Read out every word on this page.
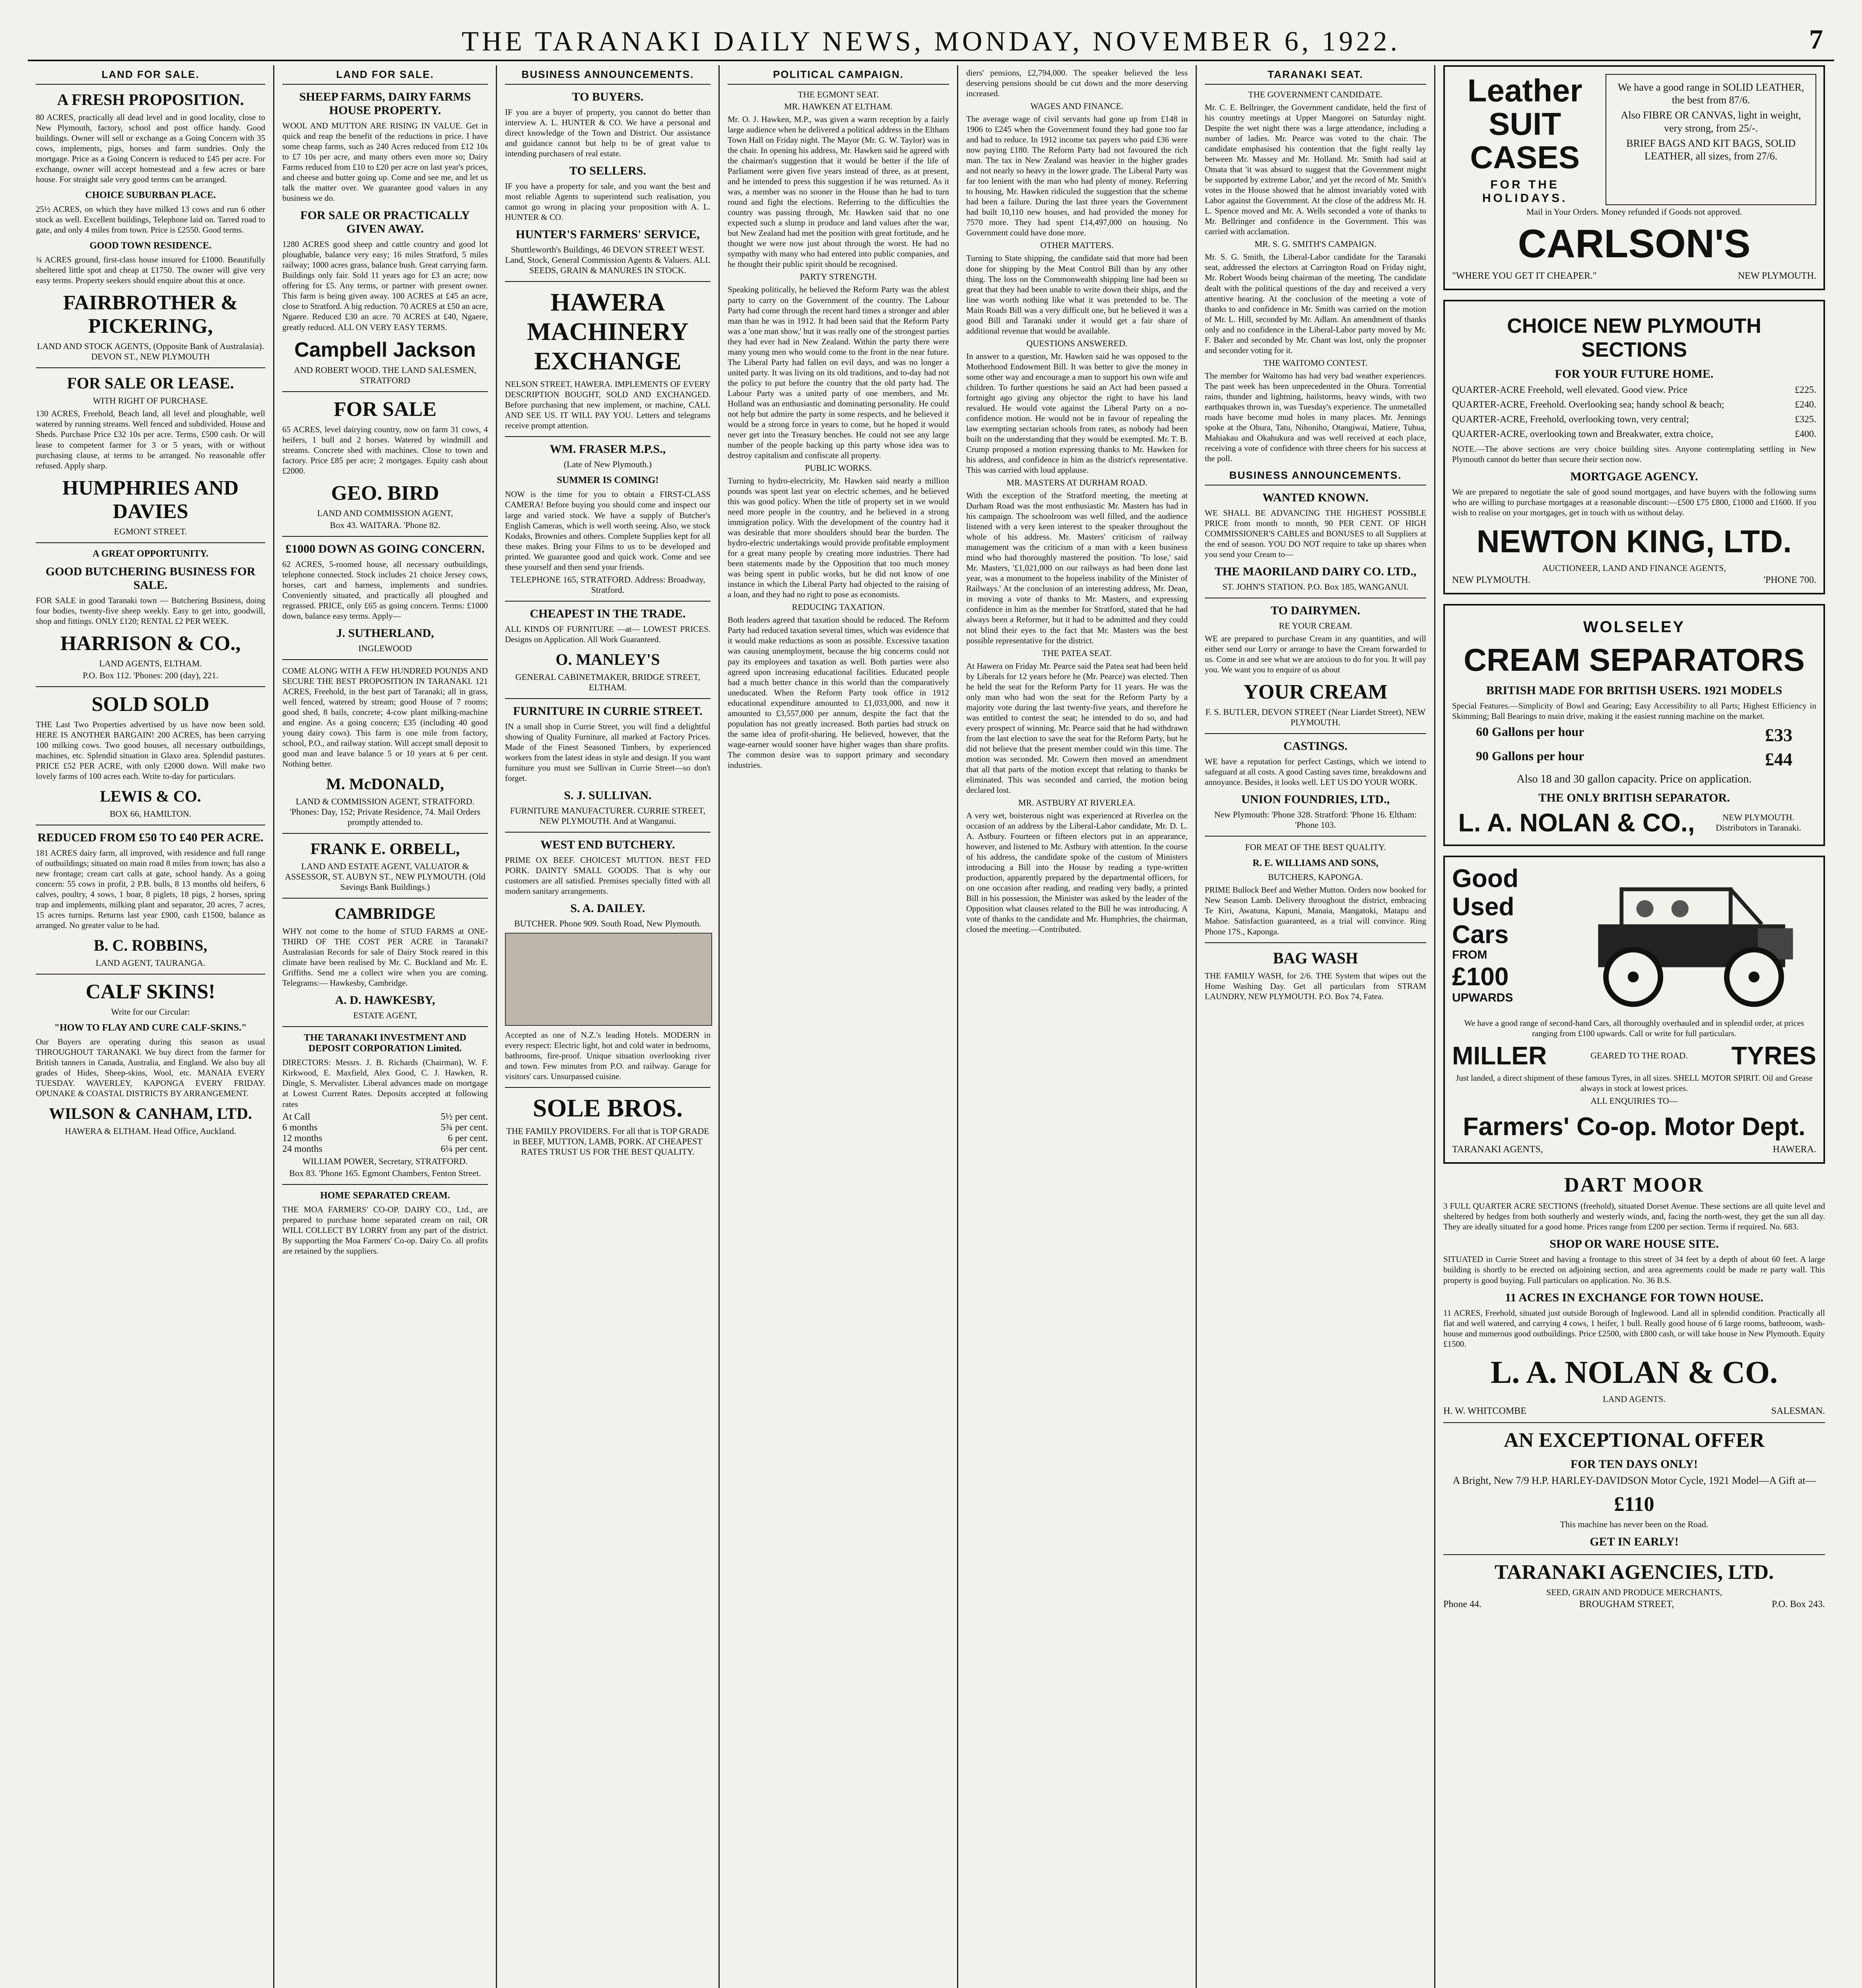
THE TARANAKI DAILY NEWS, MONDAY, NOVEMBER 6, 1922.	7
LAND FOR SALE.
A FRESH PROPOSITION.

80 ACRES, practically all dead level and in good locality, close to New Plymouth, factory, school and post office handy. Good buildings. Owner will sell or exchange as a Going Concern with 35 cows, implements, pigs, horses and farm sundries. Only the mortgage. Price as a Going Concern is reduced to £45 per acre. For exchange, owner will accept homestead and a few acres or bare house. For straight sale very good terms can be arranged.

CHOICE SUBURBAN PLACE.

25½ ACRES, on which they have milked 13 cows and run 6 other stock as well. Excellent buildings, Telephone laid on. Tarred road to gate, and only 4 miles from town. Price is £2550. Good terms.

GOOD TOWN RESIDENCE.

¾ ACRES ground, first-class house insured for £1000. Beautifully sheltered little spot and cheap at £1750. The owner will give very easy terms. Property seekers should enquire about this at once.

FAIRBROTHER & PICKERING,
LAND AND STOCK AGENTS, (Opposite Bank of Australasia). DEVON ST., NEW PLYMOUTH
FOR SALE OR LEASE.
WITH RIGHT OF PURCHASE.

130 ACRES, Freehold, Beach land, all level and ploughable, well watered by running streams. Well fenced and subdivided. House and Sheds. Purchase Price £32 10s per acre. Terms, £500 cash. Or will lease to competent farmer for 3 or 5 years, with or without purchasing clause, at terms to be arranged. No reasonable offer refused. Apply sharp.

HUMPHRIES AND DAVIES
EGMONT STREET.
A GREAT OPPORTUNITY.
GOOD BUTCHERING BUSINESS FOR SALE.

FOR SALE in good Taranaki town — Butchering Business, doing four bodies, twenty-five sheep weekly. Easy to get into, goodwill, shop and fittings. ONLY £120; RENTAL £2 PER WEEK.

HARRISON & CO.,
LAND AGENTS, ELTHAM.
P.O. Box 112. 'Phones: 200 (day), 221.
SOLD SOLD

THE Last Two Properties advertised by us have now been sold. HERE IS ANOTHER BARGAIN! 200 ACRES, has been carrying 100 milking cows. Two good houses, all necessary outbuildings, machines, etc. Splendid situation in Glaxo area. Splendid pastures. PRICE £52 PER ACRE, with only £2000 down. Will make two lovely farms of 100 acres each. Write to-day for particulars.

LEWIS & CO.
BOX 66, HAMILTON.
REDUCED FROM £50 TO £40 PER ACRE.

181 ACRES dairy farm, all improved, with residence and full range of outbuildings; situated on main road 8 miles from town; has also a new frontage; cream cart calls at gate, school handy. As a going concern: 55 cows in profit, 2 P.B. bulls, 8 13 months old heifers, 6 calves, poultry, 4 sows, 1 boar, 8 piglets, 18 pigs, 2 horses, spring trap and implements, milking plant and separator, 20 acres, 7 acres, 15 acres turnips. Returns last year £900, cash £1500, balance as arranged. No greater value to be had.

B. C. ROBBINS,
LAND AGENT, TAURANGA.
CALF SKINS!
Write for our Circular:
"HOW TO FLAY AND CURE CALF-SKINS."

Our Buyers are operating during this season as usual THROUGHOUT TARANAKI. We buy direct from the farmer for British tanners in Canada, Australia, and England. We also buy all grades of Hides, Sheep-skins, Wool, etc. MANAIA EVERY TUESDAY. WAVERLEY, KAPONGA EVERY FRIDAY. OPUNAKE & COASTAL DISTRICTS BY ARRANGEMENT.

WILSON & CANHAM, LTD.
HAWERA & ELTHAM. Head Office, Auckland.
LAND FOR SALE.
SHEEP FARMS, DAIRY FARMS HOUSE PROPERTY.

WOOL AND MUTTON ARE RISING IN VALUE. Get in quick and reap the benefit of the reductions in price. I have some cheap farms, such as 240 Acres reduced from £12 10s to £7 10s per acre, and many others even more so; Dairy Farms reduced from £10 to £20 per acre on last year's prices, and cheese and butter going up. Come and see me, and let us talk the matter over. We guarantee good values in any business we do.

FOR SALE OR PRACTICALLY GIVEN AWAY.

1280 ACRES good sheep and cattle country and good lot ploughable, balance very easy; 16 miles Stratford, 5 miles railway; 1000 acres grass, balance bush. Great carrying farm. Buildings only fair. Sold 11 years ago for £3 an acre; now offering for £5. Any terms, or partner with present owner. This farm is being given away. 100 ACRES at £45 an acre, close to Stratford. A big reduction. 70 ACRES at £50 an acre, Ngaere. Reduced £30 an acre. 70 ACRES at £40, Ngaere, greatly reduced. ALL ON VERY EASY TERMS.

Campbell Jackson
AND ROBERT WOOD. THE LAND SALESMEN, STRATFORD
FOR SALE

65 ACRES, level dairying country, now on farm 31 cows, 4 heifers, 1 bull and 2 horses. Watered by windmill and streams. Concrete shed with machines. Close to town and factory. Price £85 per acre; 2 mortgages. Equity cash about £2000.

GEO. BIRD
LAND AND COMMISSION AGENT,
Box 43. WAITARA. 'Phone 82.
£1000 DOWN AS GOING CONCERN.

62 ACRES, 5-roomed house, all necessary outbuildings, telephone connected. Stock includes 21 choice Jersey cows, horses, cart and harness, implements and sundries. Conveniently situated, and practically all ploughed and regrassed. PRICE, only £65 as going concern. Terms: £1000 down, balance easy terms. Apply—

J. SUTHERLAND,
INGLEWOOD

COME ALONG WITH A FEW HUNDRED POUNDS AND SECURE THE BEST PROPOSITION IN TARANAKI. 121 ACRES, Freehold, in the best part of Taranaki; all in grass, well fenced, watered by stream; good House of 7 rooms; good shed, 8 bails, concrete; 4-cow plant milking-machine and engine. As a going concern; £35 (including 40 good young dairy cows). This farm is one mile from factory, school, P.O., and railway station. Will accept small deposit to good man and leave balance 5 or 10 years at 6 per cent. Nothing better.

M. McDONALD,
LAND & COMMISSION AGENT, STRATFORD. 'Phones: Day, 152; Private Residence, 74. Mail Orders promptly attended to.
FRANK E. ORBELL,
LAND AND ESTATE AGENT, VALUATOR & ASSESSOR, ST. AUBYN ST., NEW PLYMOUTH. (Old Savings Bank Buildings.)
CAMBRIDGE

WHY not come to the home of STUD FARMS at ONE-THIRD OF THE COST PER ACRE in Taranaki? Australasian Records for sale of Dairy Stock reared in this climate have been realised by Mr. C. Buckland and Mr. E. Griffiths. Send me a collect wire when you are coming. Telegrams:— Hawkesby, Cambridge.

A. D. HAWKESBY,
ESTATE AGENT,
THE TARANAKI INVESTMENT AND DEPOSIT CORPORATION Limited.

DIRECTORS: Messrs. J. B. Richards (Chairman), W. F. Kirkwood, E. Maxfield, Alex Good, C. J. Hawken, R. Dingle, S. Mervalister. Liberal advances made on mortgage at Lowest Current Rates. Deposits accepted at following rates

At Call	5½ per cent.
6 months	5¾ per cent.
12 months	6 per cent.
24 months	6¼ per cent.
WILLIAM POWER, Secretary, STRATFORD.
Box 83. 'Phone 165. Egmont Chambers, Fenton Street.
HOME SEPARATED CREAM.

THE MOA FARMERS' CO-OP. DAIRY CO., Ltd., are prepared to purchase home separated cream on rail, OR WILL COLLECT BY LORRY from any part of the district. By supporting the Moa Farmers' Co-op. Dairy Co. all profits are retained by the suppliers.

BUSINESS ANNOUNCEMENTS.
TO BUYERS.

IF you are a buyer of property, you cannot do better than interview A. L. HUNTER & CO. We have a personal and direct knowledge of the Town and District. Our assistance and guidance cannot but help to be of great value to intending purchasers of real estate.

TO SELLERS.

IF you have a property for sale, and you want the best and most reliable Agents to superintend such realisation, you cannot go wrong in placing your proposition with A. L. HUNTER & CO.

HUNTER'S FARMERS' SERVICE,
Shuttleworth's Buildings, 46 DEVON STREET WEST. Land, Stock, General Commission Agents & Valuers. ALL SEEDS, GRAIN & MANURES IN STOCK.
HAWERA MACHINERY EXCHANGE

NELSON STREET, HAWERA. IMPLEMENTS OF EVERY DESCRIPTION BOUGHT, SOLD AND EXCHANGED. Before purchasing that new implement, or machine, CALL AND SEE US. IT WILL PAY YOU. Letters and telegrams receive prompt attention.

WM. FRASER M.P.S.,
(Late of New Plymouth.)
SUMMER IS COMING!

NOW is the time for you to obtain a FIRST-CLASS CAMERA! Before buying you should come and inspect our large and varied stock. We have a supply of Butcher's English Cameras, which is well worth seeing. Also, we stock Kodaks, Brownies and others. Complete Supplies kept for all these makes. Bring your Films to us to be developed and printed. We guarantee good and quick work. Come and see these yourself and then send your friends.

TELEPHONE 165, STRATFORD. Address: Broadway, Stratford.
CHEAPEST IN THE TRADE.

ALL KINDS OF FURNITURE —at— LOWEST PRICES. Designs on Application. All Work Guaranteed.

O. MANLEY'S
GENERAL CABINETMAKER, BRIDGE STREET, ELTHAM.
FURNITURE IN CURRIE STREET.

IN a small shop in Currie Street, you will find a delightful showing of Quality Furniture, all marked at Factory Prices. Made of the Finest Seasoned Timbers, by experienced workers from the latest ideas in style and design. If you want furniture you must see Sullivan in Currie Street—so don't forget.

S. J. SULLIVAN.
FURNITURE MANUFACTURER. CURRIE STREET, NEW PLYMOUTH. And at Wanganui.
WEST END BUTCHERY.

PRIME OX BEEF. CHOICEST MUTTON. BEST FED PORK. DAINTY SMALL GOODS. That is why our customers are all satisfied. Premises specially fitted with all modern sanitary arrangements.

S. A. DAILEY.
BUTCHER. Phone 909. South Road, New Plymouth.

Accepted as one of N.Z.'s leading Hotels. MODERN in every respect: Electric light, hot and cold water in bedrooms, bathrooms, fire-proof. Unique situation overlooking river and town. Few minutes from P.O. and railway. Garage for visitors' cars. Unsurpassed cuisine.

SOLE BROS.
THE FAMILY PROVIDERS. For all that is TOP GRADE in BEEF, MUTTON, LAMB, PORK. AT CHEAPEST RATES TRUST US FOR THE BEST QUALITY.
POLITICAL CAMPAIGN.
THE EGMONT SEAT.
MR. HAWKEN AT ELTHAM.

Mr. O. J. Hawken, M.P., was given a warm reception by a fairly large audience when he delivered a political address in the Eltham Town Hall on Friday night. The Mayor (Mr. G. W. Taylor) was in the chair. In opening his address, Mr. Hawken said he agreed with the chairman's suggestion that it would be better if the life of Parliament were given five years instead of three, as at present, and he intended to press this suggestion if he was returned. As it was, a member was no sooner in the House than he had to turn round and fight the elections. Referring to the difficulties the country was passing through, Mr. Hawken said that no one expected such a slump in produce and land values after the war, but New Zealand had met the position with great fortitude, and he thought we were now just about through the worst. He had no sympathy with many who had entered into public companies, and he thought their public spirit should be recognised.

PARTY STRENGTH.

Speaking politically, he believed the Reform Party was the ablest party to carry on the Government of the country. The Labour Party had come through the recent hard times a stronger and abler man than he was in 1912. It had been said that the Reform Party was a 'one man show,' but it was really one of the strongest parties they had ever had in New Zealand. Within the party there were many young men who would come to the front in the near future. The Liberal Party had fallen on evil days, and was no longer a united party. It was living on its old traditions, and to-day had not the policy to put before the country that the old party had. The Labour Party was a united party of one members, and Mr. Holland was an enthusiastic and dominating personality. He could not help but admire the party in some respects, and he believed it would be a strong force in years to come, but he hoped it would never get into the Treasury benches. He could not see any large number of the people backing up this party whose idea was to destroy capitalism and confiscate all property.

PUBLIC WORKS.

Turning to hydro-electricity, Mr. Hawken said nearly a million pounds was spent last year on electric schemes, and he believed this was good policy. When the title of property set in we would need more people in the country, and he believed in a strong immigration policy. With the development of the country had it was desirable that more shoulders should bear the burden. The hydro-electric undertakings would provide profitable employment for a great many people by creating more industries. There had been statements made by the Opposition that too much money was being spent in public works, but he did not know of one instance in which the Liberal Party had objected to the raising of a loan, and they had no right to pose as economists.

REDUCING TAXATION.

Both leaders agreed that taxation should be reduced. The Reform Party had reduced taxation several times, which was evidence that it would make reductions as soon as possible. Excessive taxation was causing unemployment, because the big concerns could not pay its employees and taxation as well. Both parties were also agreed upon increasing educational facilities. Educated people had a much better chance in this world than the comparatively uneducated. When the Reform Party took office in 1912 educational expenditure amounted to £1,033,000, and now it amounted to £3,557,000 per annum, despite the fact that the population has not greatly increased. Both parties had struck on the same idea of profit-sharing. He believed, however, that the wage-earner would sooner have higher wages than share profits. The common desire was to support primary and secondary industries.

diers' pensions, £2,794,000. The speaker believed the less deserving pensions should be cut down and the more deserving increased.

WAGES AND FINANCE.

The average wage of civil servants had gone up from £148 in 1906 to £245 when the Government found they had gone too far and had to reduce. In 1912 income tax payers who paid £36 were now paying £180. The Reform Party had not favoured the rich man. The tax in New Zealand was heavier in the higher grades and not nearly so heavy in the lower grade. The Liberal Party was far too lenient with the man who had plenty of money. Referring to housing, Mr. Hawken ridiculed the suggestion that the scheme had been a failure. During the last three years the Government had built 10,110 new houses, and had provided the money for 7570 more. They had spent £14,497,000 on housing. No Government could have done more.

OTHER MATTERS.

Turning to State shipping, the candidate said that more had been done for shipping by the Meat Control Bill than by any other thing. The loss on the Commonwealth shipping line had been so great that they had been unable to write down their ships, and the line was worth nothing like what it was pretended to be. The Main Roads Bill was a very difficult one, but he believed it was a good Bill and Taranaki under it would get a fair share of additional revenue that would be available.

QUESTIONS ANSWERED.

In answer to a question, Mr. Hawken said he was opposed to the Motherhood Endowment Bill. It was better to give the money in some other way and encourage a man to support his own wife and children. To further questions he said an Act had been passed a fortnight ago giving any objector the right to have his land revalued. He would vote against the Liberal Party on a no-confidence motion. He would not be in favour of repealing the law exempting sectarian schools from rates, as nobody had been built on the understanding that they would be exempted. Mr. T. B. Crump proposed a motion expressing thanks to Mr. Hawken for his address, and confidence in him as the district's representative. This was carried with loud applause.

MR. MASTERS AT DURHAM ROAD.

With the exception of the Stratford meeting, the meeting at Durham Road was the most enthusiastic Mr. Masters has had in his campaign. The schoolroom was well filled, and the audience listened with a very keen interest to the speaker throughout the whole of his address. Mr. Masters' criticism of railway management was the criticism of a man with a keen business mind who had thoroughly mastered the position. 'To lose,' said Mr. Masters, '£1,021,000 on our railways as had been done last year, was a monument to the hopeless inability of the Minister of Railways.' At the conclusion of an interesting address, Mr. Dean, in moving a vote of thanks to Mr. Masters, and expressing confidence in him as the member for Stratford, stated that he had always been a Reformer, but it had to be admitted and they could not blind their eyes to the fact that Mr. Masters was the best possible representative for the district.

THE PATEA SEAT.

At Hawera on Friday Mr. Pearce said the Patea seat had been held by Liberals for 12 years before he (Mr. Pearce) was elected. Then he held the seat for the Reform Party for 11 years. He was the only man who had won the seat for the Reform Party by a majority vote during the last twenty-five years, and therefore he was entitled to contest the seat; he intended to do so, and had every prospect of winning. Mr. Pearce said that he had withdrawn from the last election to save the seat for the Reform Party, but he did not believe that the present member could win this time. The motion was seconded. Mr. Cowern then moved an amendment that all that parts of the motion except that relating to thanks be eliminated. This was seconded and carried, the motion being declared lost.

MR. ASTBURY AT RIVERLEA.

A very wet, boisterous night was experienced at Riverlea on the occasion of an address by the Liberal-Labor candidate, Mr. D. L. A. Astbury. Fourteen or fifteen electors put in an appearance, however, and listened to Mr. Astbury with attention. In the course of his address, the candidate spoke of the custom of Ministers introducing a Bill into the House by reading a type-written production, apparently prepared by the departmental officers, for on one occasion after reading, and reading very badly, a printed Bill in his possession, the Minister was asked by the leader of the Opposition what clauses related to the Bill he was introducing. A vote of thanks to the candidate and Mr. Humphries, the chairman, closed the meeting.—Contributed.

TARANAKI SEAT.
THE GOVERNMENT CANDIDATE.

Mr. C. E. Bellringer, the Government candidate, held the first of his country meetings at Upper Mangorei on Saturday night. Despite the wet night there was a large attendance, including a number of ladies. Mr. Pearce was voted to the chair. The candidate emphasised his contention that the fight really lay between Mr. Massey and Mr. Holland. Mr. Smith had said at Omata that 'it was absurd to suggest that the Government might be supported by extreme Labor,' and yet the record of Mr. Smith's votes in the House showed that he almost invariably voted with Labor against the Government. At the close of the address Mr. H. L. Spence moved and Mr. A. Wells seconded a vote of thanks to Mr. Bellringer and confidence in the Government. This was carried with acclamation.

MR. S. G. SMITH'S CAMPAIGN.

Mr. S. G. Smith, the Liberal-Labor candidate for the Taranaki seat, addressed the electors at Carrington Road on Friday night, Mr. Robert Woods being chairman of the meeting. The candidate dealt with the political questions of the day and received a very attentive hearing. At the conclusion of the meeting a vote of thanks to and confidence in Mr. Smith was carried on the motion of Mr. L. Hill, seconded by Mr. Adlam. An amendment of thanks only and no confidence in the Liberal-Labor party moved by Mr. F. Baker and seconded by Mr. Chant was lost, only the proposer and seconder voting for it.

THE WAITOMO CONTEST.

The member for Waitomo has had very bad weather experiences. The past week has been unprecedented in the Ohura. Torrential rains, thunder and lightning, hailstorms, heavy winds, with two earthquakes thrown in, was Tuesday's experience. The unmetalled roads have become mud holes in many places. Mr. Jennings spoke at the Ohura, Tatu, Nihoniho, Otangiwai, Matiere, Tuhua, Mahiakau and Okahukura and was well received at each place, receiving a vote of confidence with three cheers for his success at the poll.

BUSINESS ANNOUNCEMENTS.
WANTED KNOWN.

WE SHALL BE ADVANCING THE HIGHEST POSSIBLE PRICE from month to month, 90 PER CENT. OF HIGH COMMISSIONER'S CABLES and BONUSES to all Suppliers at the end of season. YOU DO NOT require to take up shares when you send your Cream to—

THE MAORILAND DAIRY CO. LTD.,
ST. JOHN'S STATION. P.O. Box 185, WANGANUI.
TO DAIRYMEN.
RE YOUR CREAM.

WE are prepared to purchase Cream in any quantities, and will either send our Lorry or arrange to have the Cream forwarded to us. Come in and see what we are anxious to do for you. It will pay you. We want you to enquire of us about

YOUR CREAM
F. S. BUTLER, DEVON STREET (Near Liardet Street), NEW PLYMOUTH.
CASTINGS.

WE have a reputation for perfect Castings, which we intend to safeguard at all costs. A good Casting saves time, breakdowns and annoyance. Besides, it looks well. LET US DO YOUR WORK.

UNION FOUNDRIES, LTD.,
New Plymouth: 'Phone 328. Stratford: 'Phone 16. Eltham: 'Phone 103.
FOR MEAT OF THE BEST QUALITY.
R. E. WILLIAMS AND SONS,
BUTCHERS, KAPONGA.

PRIME Bullock Beef and Wether Mutton. Orders now booked for New Season Lamb. Delivery throughout the district, embracing Te Kiri, Awatuna, Kapuni, Manaia, Mangatoki, Matapu and Mahoe. Satisfaction guaranteed, as a trial will convince. Ring Phone 17S., Kaponga.

BAG WASH

THE FAMILY WASH, for 2/6. THE System that wipes out the Home Washing Day. Get all particulars from STRAM LAUNDRY, NEW PLYMOUTH. P.O. Box 74, Fatea.

Leather SUIT CASES
FOR THE HOLIDAYS.

We have a good range in SOLID LEATHER, the best from 87/6.

Also FIBRE OR CANVAS, light in weight, very strong, from 25/-.

BRIEF BAGS AND KIT BAGS, SOLID LEATHER, all sizes, from 27/6.

Mail in Your Orders. Money refunded if Goods not approved.
CARLSON'S
"WHERE YOU GET IT CHEAPER."	NEW PLYMOUTH.
CHOICE NEW PLYMOUTH SECTIONS
FOR YOUR FUTURE HOME.
QUARTER-ACRE Freehold, well elevated. Good view. Price	£225.
QUARTER-ACRE, Freehold. Overlooking sea; handy school & beach;	£240.
QUARTER-ACRE, Freehold, overlooking town, very central;	£325.
QUARTER-ACRE, overlooking town and Breakwater, extra choice,	£400.

NOTE.—The above sections are very choice building sites. Anyone contemplating settling in New Plymouth cannot do better than secure their section now.

MORTGAGE AGENCY.

We are prepared to negotiate the sale of good sound mortgages, and have buyers with the following sums who are willing to purchase mortgages at a reasonable discount:—£500 £75 £800, £1000 and £1600. If you wish to realise on your mortgages, get in touch with us without delay.

NEWTON KING, LTD.
AUCTIONEER, LAND AND FINANCE AGENTS,
NEW PLYMOUTH.	'PHONE 700.
WOLSELEY
CREAM SEPARATORS
BRITISH MADE FOR BRITISH USERS. 1921 MODELS

Special Features.—Simplicity of Bowl and Gearing; Easy Accessibility to all Parts; Highest Efficiency in Skimming; Ball Bearings to main drive, making it the easiest running machine on the market.

60 Gallons per hour	£33
90 Gallons per hour	£44
Also 18 and 30 gallon capacity. Price on application.
THE ONLY BRITISH SEPARATOR.
L. A. NOLAN & CO.,	NEW PLYMOUTH. Distributors in Taranaki.
Good Used Cars
FROM
£100
UPWARDS

We have a good range of second-hand Cars, all thoroughly overhauled and in splendid order, at prices ranging from £100 upwards. Call or write for full particulars.

MILLER	GEARED TO THE ROAD. TYRES

Just landed, a direct shipment of these famous Tyres, in all sizes. SHELL MOTOR SPIRIT. Oil and Grease always in stock at lowest prices.

ALL ENQUIRIES TO—
Farmers' Co-op. Motor Dept.
TARANAKI AGENTS,	HAWERA.
DART MOOR

3 FULL QUARTER ACRE SECTIONS (freehold), situated Dorset Avenue. These sections are all quite level and sheltered by hedges from both southerly and westerly winds, and, facing the north-west, they get the sun all day. They are ideally situated for a good home. Prices range from £200 per section. Terms if required. No. 683.

SHOP OR WARE HOUSE SITE.

SITUATED in Currie Street and having a frontage to this street of 34 feet by a depth of about 60 feet. A large building is shortly to be erected on adjoining section, and area agreements could be made re party wall. This property is good buying. Full particulars on application. No. 36 B.S.

11 ACRES IN EXCHANGE FOR TOWN HOUSE.

11 ACRES, Freehold, situated just outside Borough of Inglewood. Land all in splendid condition. Practically all flat and well watered, and carrying 4 cows, 1 heifer, 1 bull. Really good house of 6 large rooms, bathroom, wash-house and numerous good outbuildings. Price £2500, with £800 cash, or will take house in New Plymouth. Equity £1500.

L. A. NOLAN & CO.
LAND AGENTS.
H. W. WHITCOMBE	SALESMAN.
AN EXCEPTIONAL OFFER
FOR TEN DAYS ONLY!

A Bright, New 7/9 H.P. HARLEY-DAVIDSON Motor Cycle, 1921 Model—A Gift at—

£110
This machine has never been on the Road.
GET IN EARLY!
TARANAKI AGENCIES, LTD.
SEED, GRAIN AND PRODUCE MERCHANTS,
Phone 44.	BROUGHAM STREET,	P.O. Box 243.
